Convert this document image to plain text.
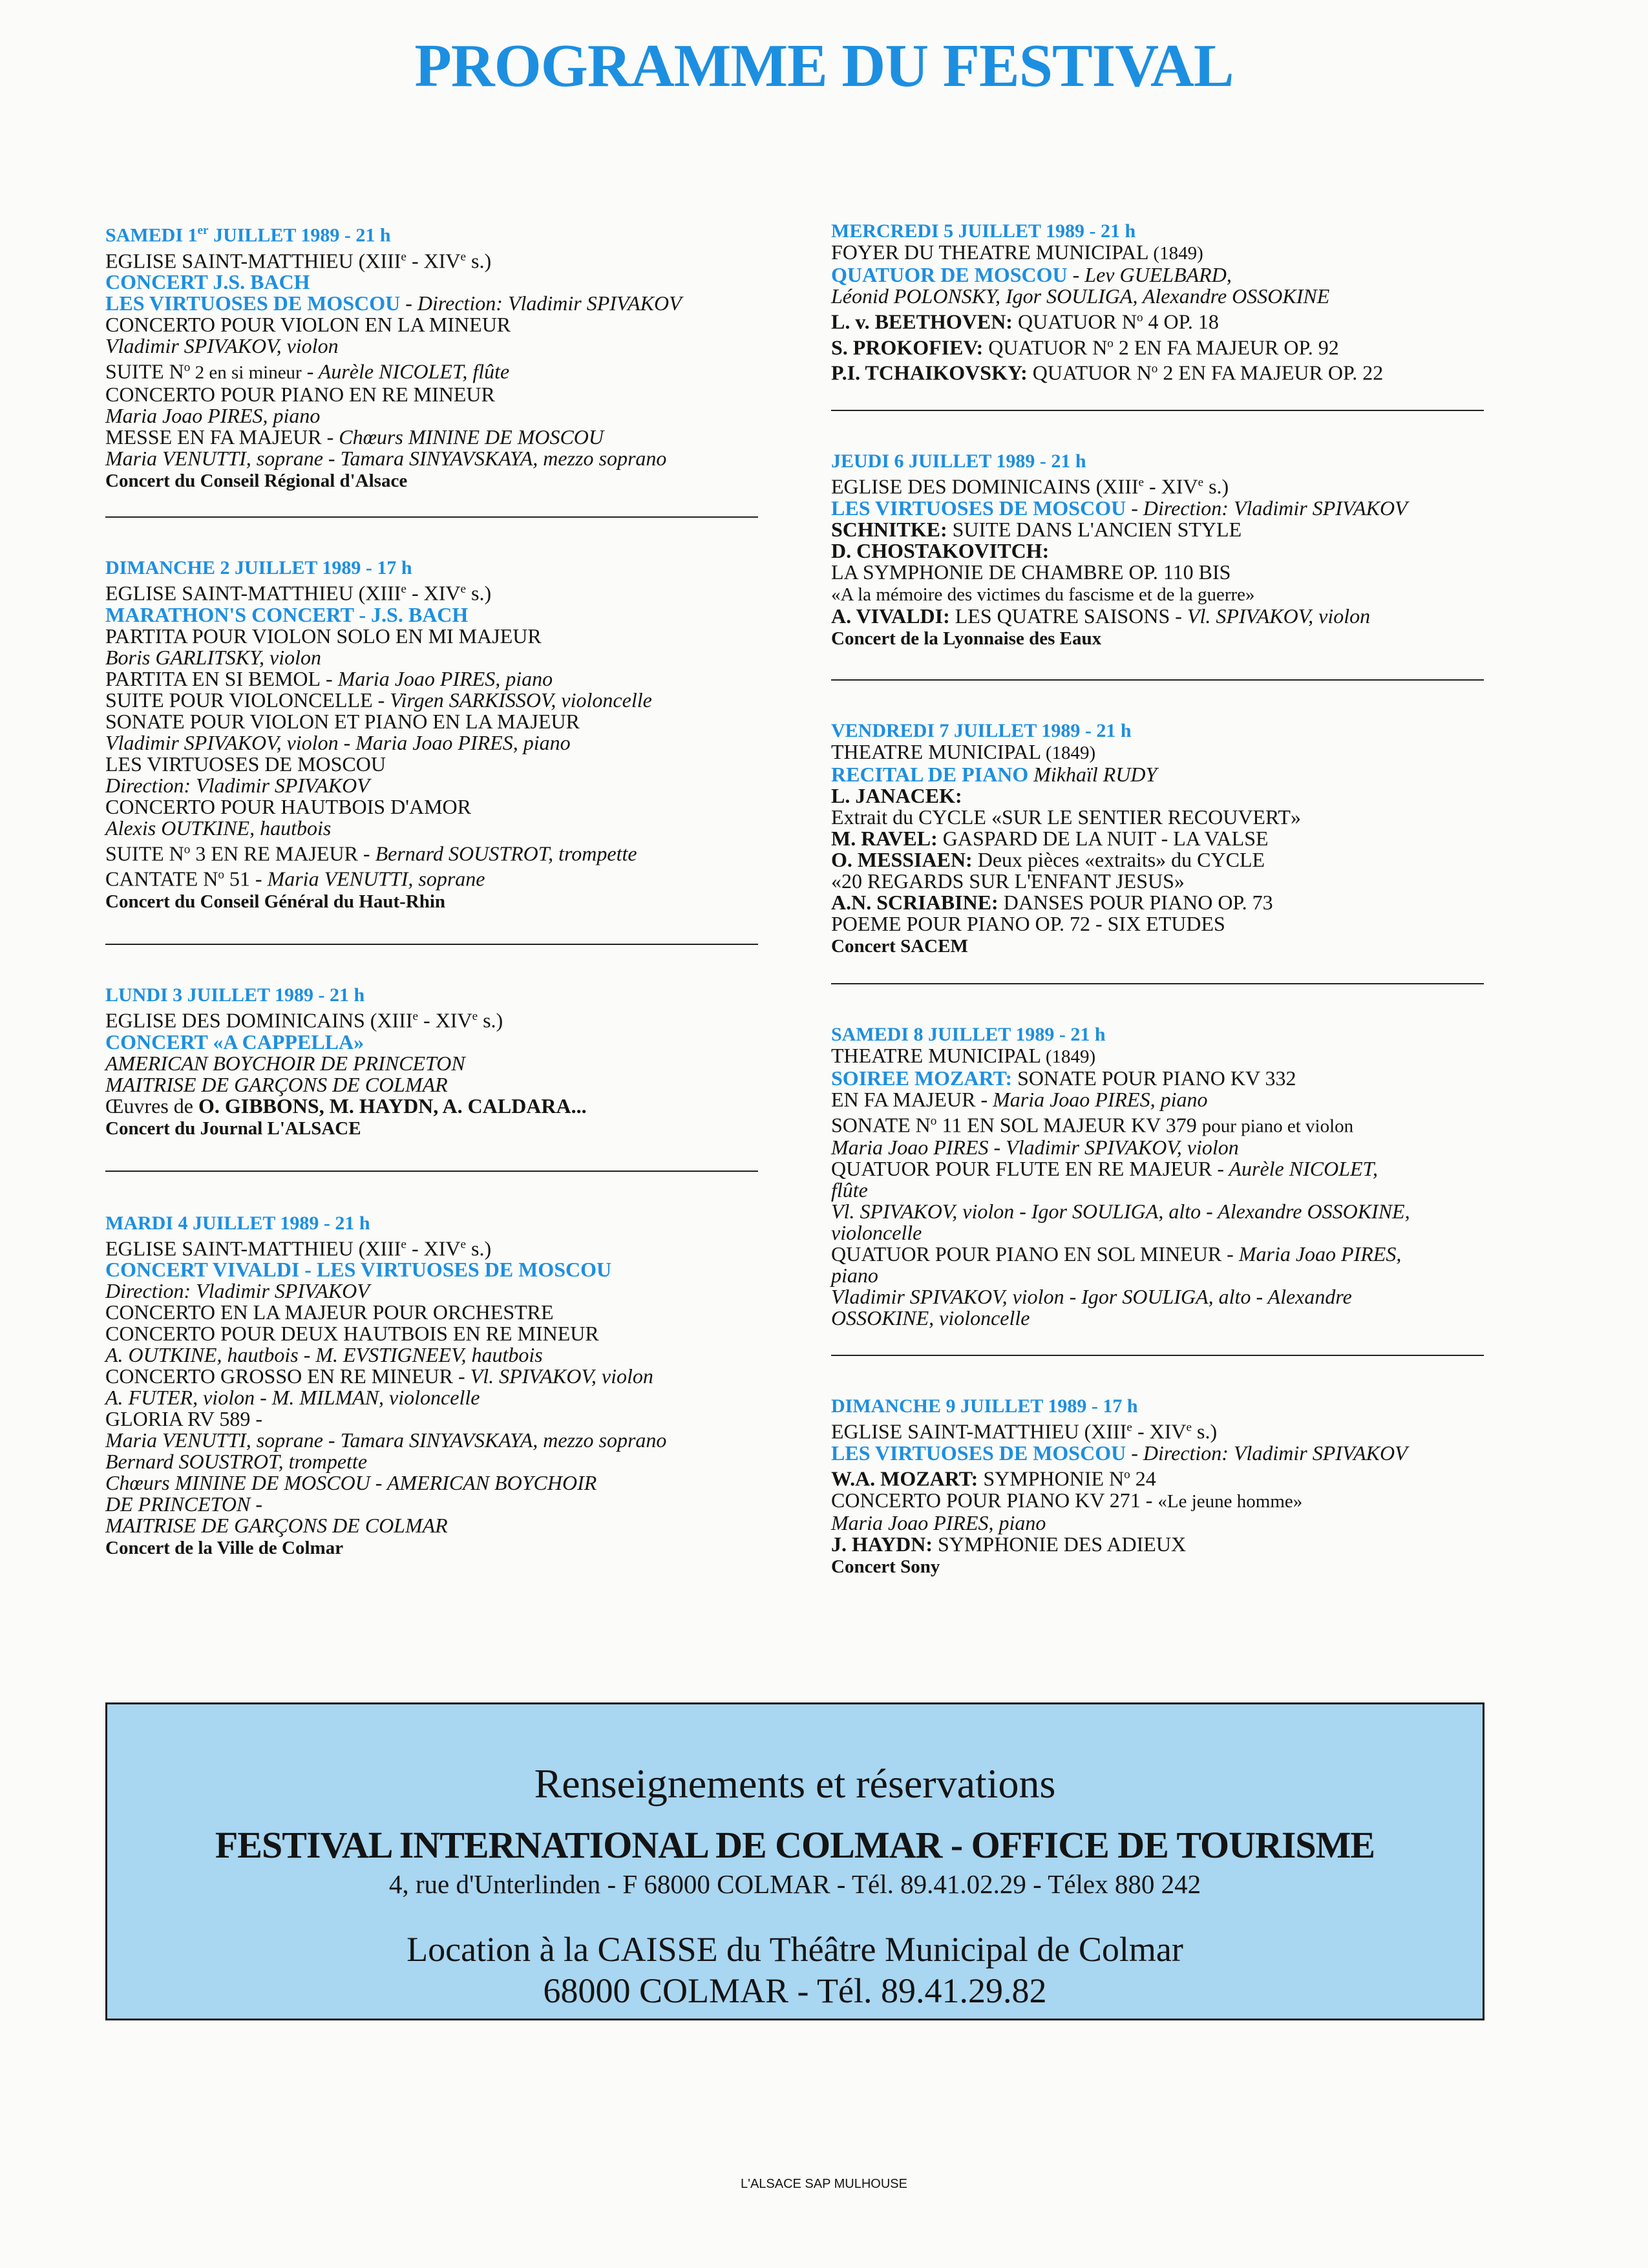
PROGRAMME DU FESTIVAL
SAMEDI 1er JUILLET 1989 - 21 h
EGLISE SAINT-MATTHIEU (XIIIe - XIVe s.)
CONCERT J.S. BACH
LES VIRTUOSES DE MOSCOU - Direction: Vladimir SPIVAKOV
CONCERTO POUR VIOLON EN LA MINEUR
Vladimir SPIVAKOV, violon
SUITE $N^o$ 2 en si mineur - Aurèle NICOLET, flûte
CONCERTO POUR PIANO EN RE MINEUR
Maria Joao PIRES, piano
MESSE EN FA MAJEUR - Chœurs MININE DE MOSCOU
Maria VENUTTI, soprane - Tamara SINYAVSKAYA, mezzo soprano
Concert du Conseil Régional d'Alsace
DIMANCHE 2 JUILLET 1989 - 17 h
EGLISE SAINT-MATTHIEU (XIIIe - XIVe s.)
MARATHON'S CONCERT - J.S. BACH
PARTITA POUR VIOLON SOLO EN MI MAJEUR
Boris GARLITSKY, violon
PARTITA EN SI BEMOL - Maria Joao PIRES, piano
SUITE POUR VIOLONCELLE - Virgen SARKISSOV, violoncelle
SONATE POUR VIOLON ET PIANO EN LA MAJEUR
Vladimir SPIVAKOV, violon - Maria Joao PIRES, piano
LES VIRTUOSES DE MOSCOU
Direction: Vladimir SPIVAKOV
CONCERTO POUR HAUTBOIS D'AMOR
Alexis OUTKINE, hautbois
SUITE $N^o$ 3 EN RE MAJEUR - Bernard SOUSTROT, trompette
CANTATE $N^o$ 51 - Maria VENUTTI, soprane
Concert du Conseil Général du Haut-Rhin
LUNDI 3 JUILLET 1989 - 21 h
EGLISE DES DOMINICAINS (XIIIe - XIVe s.)
CONCERT «A CAPPELLA»
AMERICAN BOYCHOIR DE PRINCETON
MAITRISE DE GARÇONS DE COLMAR
Œuvres de O. GIBBONS, M. HAYDN, A. CALDARA...
Concert du Journal L'ALSACE
MARDI 4 JUILLET 1989 - 21 h
EGLISE SAINT-MATTHIEU (XIIIe - XIVe s.)
CONCERT VIVALDI - LES VIRTUOSES DE MOSCOU
Direction: Vladimir SPIVAKOV
CONCERTO EN LA MAJEUR POUR ORCHESTRE
CONCERTO POUR DEUX HAUTBOIS EN RE MINEUR
A. OUTKINE, hautbois - M. EVSTIGNEEV, hautbois
CONCERTO GROSSO EN RE MINEUR - Vl. SPIVAKOV, violon
A. FUTER, violon - M. MILMAN, violoncelle
GLORIA RV 589 -
Maria VENUTTI, soprane - Tamara SINYAVSKAYA, mezzo soprano
Bernard SOUSTROT, trompette
Chœurs MININE DE MOSCOU - AMERICAN BOYCHOIR
DE PRINCETON -
MAITRISE DE GARÇONS DE COLMAR
Concert de la Ville de Colmar
MERCREDI 5 JUILLET 1989 - 21 h
FOYER DU THEATRE MUNICIPAL (1849)
QUATUOR DE MOSCOU - Lev GUELBARD,
Léonid POLONSKY, Igor SOULIGA, Alexandre OSSOKINE
L. v. BEETHOVEN: QUATUOR $N^o$ 4 OP. 18
S. PROKOFIEV: QUATUOR $N^o$ 2 EN FA MAJEUR OP. 92
P.I. TCHAIKOVSKY: QUATUOR $N^o$ 2 EN FA MAJEUR OP. 22
JEUDI 6 JUILLET 1989 - 21 h
EGLISE DES DOMINICAINS (XIIIe - XIVe s.)
LES VIRTUOSES DE MOSCOU - Direction: Vladimir SPIVAKOV
SCHNITKE: SUITE DANS L'ANCIEN STYLE
D. CHOSTAKOVITCH:
LA SYMPHONIE DE CHAMBRE OP. 110 BIS
«A la mémoire des victimes du fascisme et de la guerre»
A. VIVALDI: LES QUATRE SAISONS - Vl. SPIVAKOV, violon
Concert de la Lyonnaise des Eaux
VENDREDI 7 JUILLET 1989 - 21 h
THEATRE MUNICIPAL (1849)
RECITAL DE PIANO Mikhaïl RUDY
L. JANACEK:
Extrait du CYCLE «SUR LE SENTIER RECOUVERT»
M. RAVEL: GASPARD DE LA NUIT - LA VALSE
O. MESSIAEN: Deux pièces «extraits» du CYCLE
«20 REGARDS SUR L'ENFANT JESUS»
A.N. SCRIABINE: DANSES POUR PIANO OP. 73
POEME POUR PIANO OP. 72 - SIX ETUDES
Concert SACEM
SAMEDI 8 JUILLET 1989 - 21 h
THEATRE MUNICIPAL (1849)
SOIREE MOZART: SONATE POUR PIANO KV 332
EN FA MAJEUR - Maria Joao PIRES, piano
SONATE $N^o$ 11 EN SOL MAJEUR KV 379 pour piano et violon
Maria Joao PIRES - Vladimir SPIVAKOV, violon
QUATUOR POUR FLUTE EN RE MAJEUR - Aurèle NICOLET,
flûte
Vl. SPIVAKOV, violon - Igor SOULIGA, alto - Alexandre OSSOKINE,
violoncelle
QUATUOR POUR PIANO EN SOL MINEUR - Maria Joao PIRES,
piano
Vladimir SPIVAKOV, violon - Igor SOULIGA, alto - Alexandre
OSSOKINE, violoncelle
DIMANCHE 9 JUILLET 1989 - 17 h
EGLISE SAINT-MATTHIEU (XIIIe - XIVe s.)
LES VIRTUOSES DE MOSCOU - Direction: Vladimir SPIVAKOV
W.A. MOZART: SYMPHONIE $N^o$ 24
CONCERTO POUR PIANO KV 271 - «Le jeune homme»
Maria Joao PIRES, piano
J. HAYDN: SYMPHONIE DES ADIEUX
Concert Sony
Renseignements et réservations
FESTIVAL INTERNATIONAL DE COLMAR - OFFICE DE TOURISME
4, rue d'Unterlinden - F 68000 COLMAR - Tél. 89.41.02.29 - Télex 880 242
Location à la CAISSE du Théâtre Municipal de Colmar
68000 COLMAR - Tél. 89.41.29.82
L'ALSACE SAP MULHOUSE
